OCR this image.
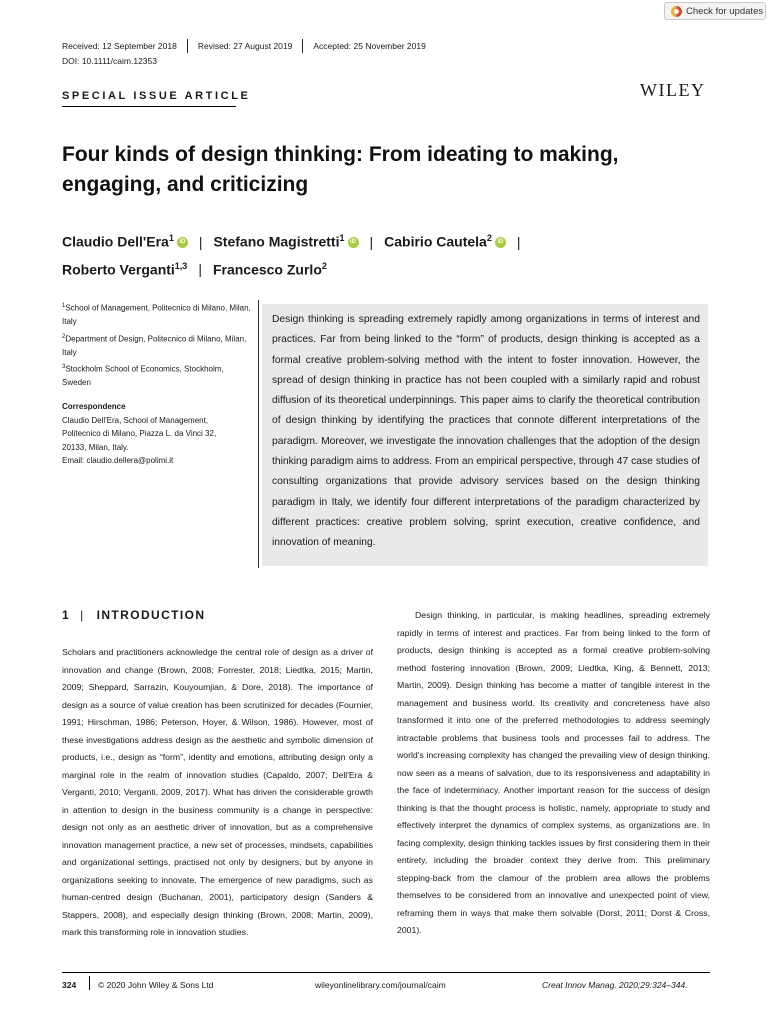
Check for updates
Received: 12 September 2018 Revised: 27 August 2019 Accepted: 25 November 2019
DOI: 10.1111/caim.12353
SPECIAL ISSUE ARTICLE	WILEY
Four kinds of design thinking: From ideating to making, engaging, and criticizing
Claudio Dell'Era$^1$ iD | Stefano Magistretti$^1$ iD | Cabirio Cautela$^2$ iD |
Roberto Verganti$^{1,3}$ | Francesco Zurlo$^2$
$^1$School of Management, Politecnico di Milano, Milan, Italy
$^2$Department of Design, Politecnico di Milano, Milan, Italy
$^3$Stockholm School of Economics, Stockholm, Sweden
Correspondence
Claudio Dell'Era, School of Management,
Politecnico di Milano, Piazza L. da Vinci 32,
20133, Milan, Italy.
Email: claudio.dellera@polimi.it
Design thinking is spreading extremely rapidly among organizations in terms of interest and practices. Far from being linked to the “form” of products, design thinking is accepted as a formal creative problem-solving method with the intent to foster innovation. However, the spread of design thinking in practice has not been coupled with a similarly rapid and robust diffusion of its theoretical underpinnings. This paper aims to clarify the theoretical contribution of design thinking by identifying the practices that connote different interpretations of the paradigm. Moreover, we investigate the innovation challenges that the adoption of the design thinking paradigm aims to address. From an empirical perspective, through 47 case studies of consulting organizations that provide advisory services based on the design thinking paradigm in Italy, we identify four different interpretations of the paradigm characterized by different practices: creative problem solving, sprint execution, creative confidence, and innovation of meaning.
1 | INTRODUCTION

Scholars and practitioners acknowledge the central role of design as a driver of innovation and change (Brown, 2008; Forrester, 2018; Liedtka, 2015; Martin, 2009; Sheppard, Sarrazin, Kouyoumjian, & Dore, 2018). The importance of design as a source of value creation has been scrutinized for decades (Fournier, 1991; Hirschman, 1986; Peterson, Hoyer, & Wilson, 1986). However, most of these investigations address design as the aesthetic and symbolic dimension of products, i.e., design as “form”, identity and emotions, attributing design only a marginal role in the realm of innovation studies (Capaldo, 2007; Dell'Era & Verganti, 2010; Verganti, 2009, 2017). What has driven the considerable growth in attention to design in the business community is a change in perspective: design not only as an aesthetic driver of innovation, but as a comprehensive innovation management practice, a new set of processes, mindsets, capabilities and organizational settings, practised not only by designers, but by anyone in organizations seeking to innovate. The emergence of new paradigms, such as human-centred design (Buchanan, 2001), participatory design (Sanders & Stappers, 2008), and especially design thinking (Brown, 2008; Martin, 2009), mark this transforming role in innovation studies.

Design thinking, in particular, is making headlines, spreading extremely rapidly in terms of interest and practices. Far from being linked to the form of products, design thinking is accepted as a formal creative problem-solving method fostering innovation (Brown, 2009; Liedtka, King, & Bennett, 2013; Martin, 2009). Design thinking has become a matter of tangible interest in the management and business world. Its creativity and concreteness have also transformed it into one of the preferred methodologies to address seemingly intractable problems that business tools and processes fail to address. The world's increasing complexity has changed the prevailing view of design thinking, now seen as a means of salvation, due to its responsiveness and adaptability in the face of indeterminacy. Another important reason for the success of design thinking is that the thought process is holistic, namely, appropriate to study and effectively interpret the dynamics of complex systems, as organizations are. In facing complexity, design thinking tackles issues by first considering them in their entirety, including the broader context they derive from. This preliminary stepping-back from the clamour of the problem area allows the problems themselves to be considered from an innovative and unexpected point of view, reframing them in ways that make them solvable (Dorst, 2011; Dorst & Cross, 2001).

324	© 2020 John Wiley & Sons Ltd	wileyonlinelibrary.com/journal/caim	Creat Innov Manag. 2020;29:324–344.
